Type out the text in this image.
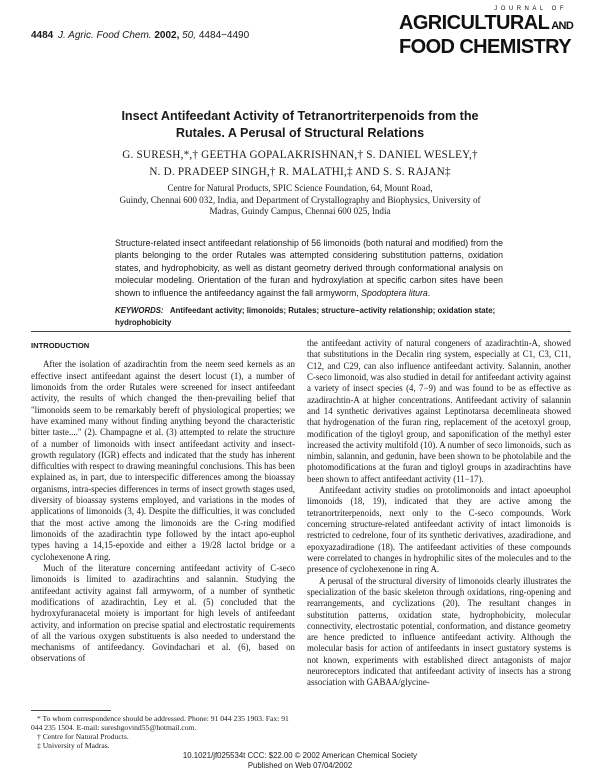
4484 J. Agric. Food Chem. 2002, 50, 4484−4490
JOURNAL OF
AGRICULTURAL AND
FOOD CHEMISTRY
Insect Antifeedant Activity of Tetranortriterpenoids from the
Rutales. A Perusal of Structural Relations
G. SURESH,*,† GEETHA GOPALAKRISHNAN,† S. DANIEL WESLEY,†
N. D. PRADEEP SINGH,† R. MALATHI,‡ AND S. S. RAJAN‡
Centre for Natural Products, SPIC Science Foundation, 64, Mount Road,
Guindy, Chennai 600 032, India, and Department of Crystallography and Biophysics, University of
Madras, Guindy Campus, Chennai 600 025, India
Structure-related insect antifeedant relationship of 56 limonoids (both natural and modified) from the plants belonging to the order Rutales was attempted considering substitution patterns, oxidation states, and hydrophobicity, as well as distant geometry derived through conformational analysis on molecular modeling. Orientation of the furan and hydroxylation at specific carbon sites have been shown to influence the antifeedancy against the fall armyworm, Spodoptera litura.
KEYWORDS: Antifeedant activity; limonoids; Rutales; structure−activity relationship; oxidation state; hydrophobicity
INTRODUCTION

After the isolation of azadirachtin from the neem seed kernels as an effective insect antifeedant against the desert locust (1), a number of limonoids from the order Rutales were screened for insect antifeedant activity, the results of which changed the then-prevailing belief that "limonoids seem to be remarkably bereft of physiological properties; we have examined many without finding anything beyond the characteristic bitter taste...." (2). Champagne et al. (3) attempted to relate the structure of a number of limonoids with insect antifeedant activity and insect-growth regulatory (IGR) effects and indicated that the study has inherent difficulties with respect to drawing meaningful conclusions. This has been explained as, in part, due to interspecific differences among the bioassay organisms, intra-species differences in terms of insect growth stages used, diversity of bioassay systems employed, and variations in the modes of applications of limonoids (3, 4). Despite the difficulties, it was concluded that the most active among the limonoids are the C-ring modified limonoids of the azadirachtin type followed by the intact apo-euphol types having a 14,15-epoxide and either a 19/28 lactol bridge or a cyclohexenone A ring.

Much of the literature concerning antifeedant activity of C-seco limonoids is limited to azadirachtins and salannin. Studying the antifeedant activity against fall armyworm, of a number of synthetic modifications of azadirachtin, Ley et al. (5) concluded that the hydroxyfuranacetal moiety is important for high levels of antifeedant activity, and information on precise spatial and electrostatic requirements of all the various oxygen substituents is also needed to understand the mechanisms of antifeedancy. Govindachari et al. (6), based on observations of

the antifeedant activity of natural congeners of azadirachtin-A, showed that substitutions in the Decalin ring system, especially at C1, C3, C11, C12, and C29, can also influence antifeedant activity. Salannin, another C-seco limonoid, was also studied in detail for antifeedant activity against a variety of insect species (4, 7−9) and was found to be as effective as azadirachtin-A at higher concentrations. Antifeedant activity of salannin and 14 synthetic derivatives against Leptinotarsa decemlineata showed that hydrogenation of the furan ring, replacement of the acetoxyl group, modification of the tigloyl group, and saponification of the methyl ester increased the activity multifold (10). A number of seco limonoids, such as nimbin, salannin, and gedunin, have been shown to be photolabile and the photomodifications at the furan and tigloyl groups in azadirachtins have been shown to affect antifeedant activity (11−17).

Antifeedant activity studies on protolimonoids and intact apoeuphol limonoids (18, 19), indicated that they are active among the tetranortriterpenoids, next only to the C-seco compounds. Work concerning structure-related antifeedant activity of intact limonoids is restricted to cedrelone, four of its synthetic derivatives, azadiradione, and epoxyazadiradione (18). The antifeedant activities of these compounds were correlated to changes in hydrophilic sites of the molecules and to the presence of cyclohexenone in ring A.

A perusal of the structural diversity of limonoids clearly illustrates the specialization of the basic skeleton through oxidations, ring-opening and rearrangements, and cyclizations (20). The resultant changes in substitution patterns, oxidation state, hydrophobicity, molecular connectivity, electrostatic potential, conformation, and distance geometry are hence predicted to influence antifeedant activity. Although the molecular basis for action of antifeedants in insect gustatory systems is not known, experiments with established direct antagonists of major neuroreceptors indicated that antifeedant activity of insects has a strong association with GABAA/glycine-

* To whom correspondence should be addressed. Phone: 91 044 235 1903. Fax: 91 044 235 1504. E-mail: sureshgovind55@hotmail.com.
† Centre for Natural Products.
‡ University of Madras.
10.1021/jf025534t CCC: $22.00 © 2002 American Chemical Society
Published on Web 07/04/2002
